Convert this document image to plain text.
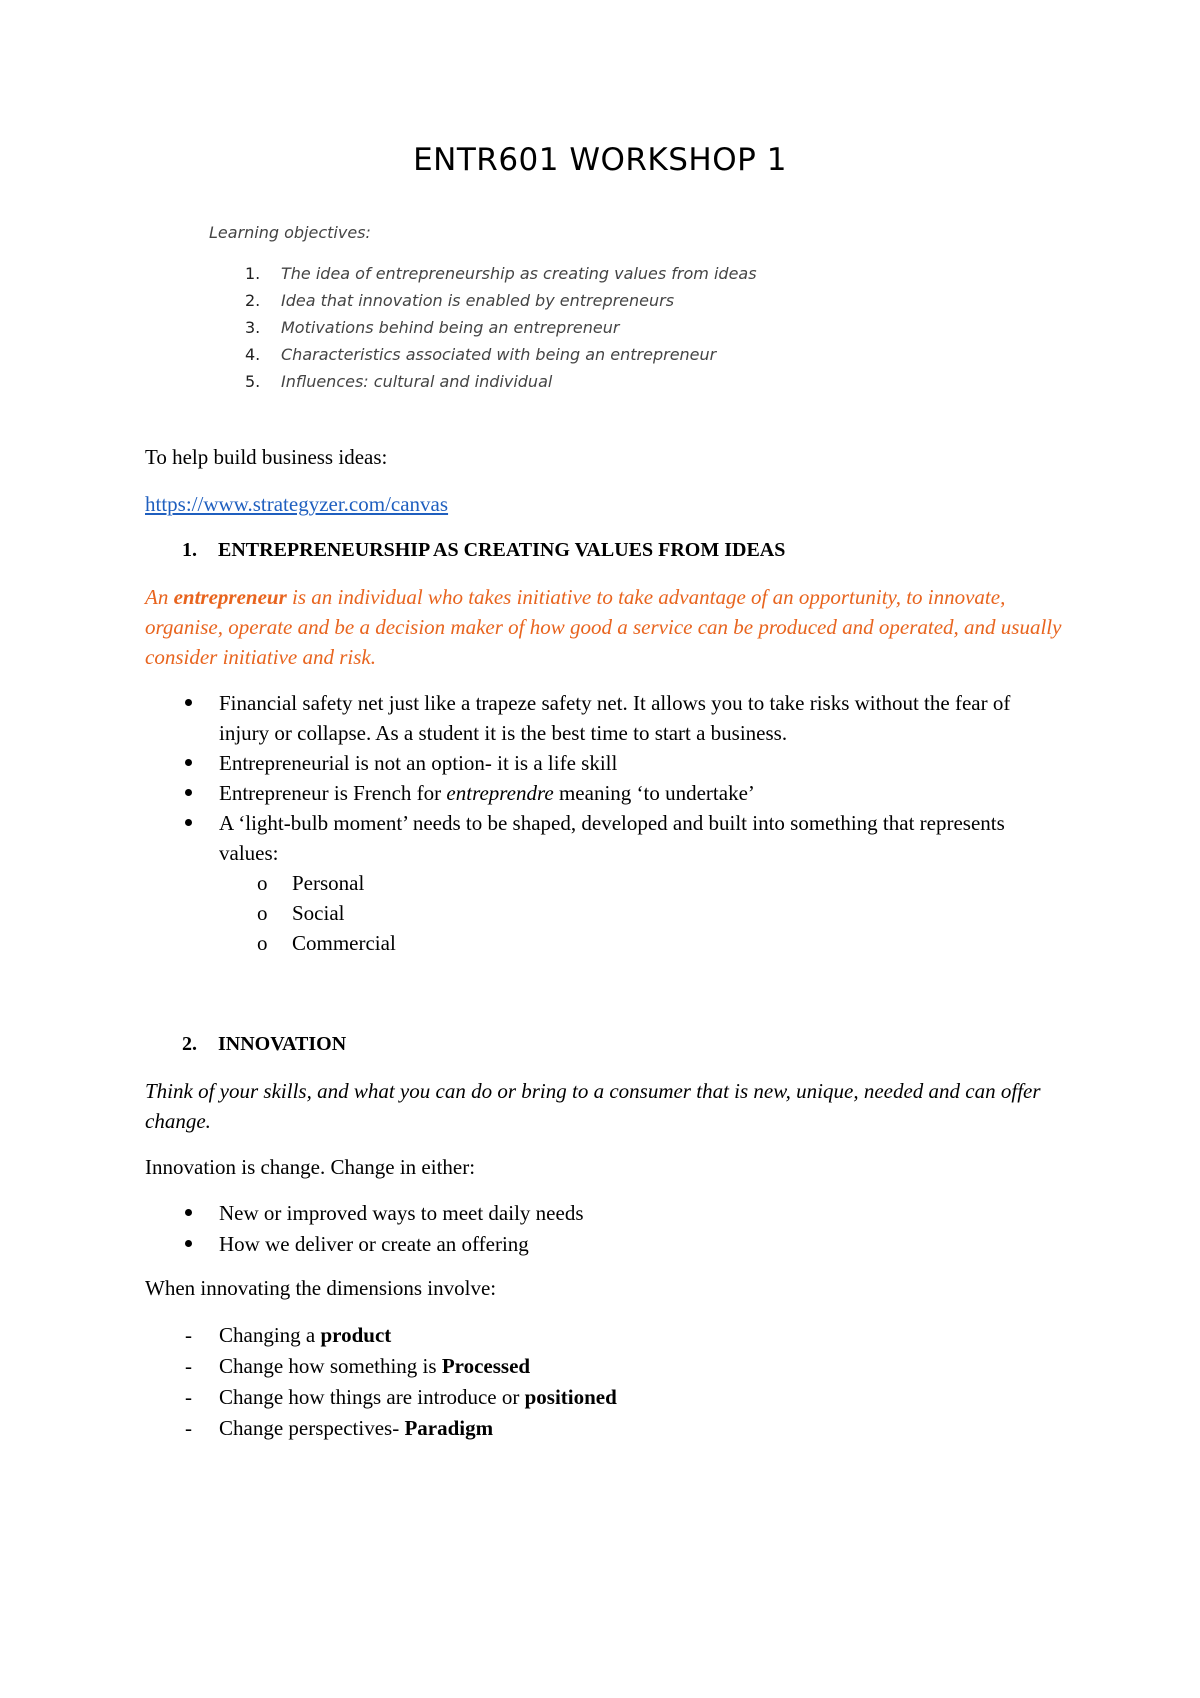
ENTR601 WORKSHOP 1
Learning objectives:
1. The idea of entrepreneurship as creating values from ideas
2. Idea that innovation is enabled by entrepreneurs
3. Motivations behind being an entrepreneur
4. Characteristics associated with being an entrepreneur
5. Influences: cultural and individual
To help build business ideas:
https://www.strategyzer.com/canvas
1. ENTREPRENEURSHIP AS CREATING VALUES FROM IDEAS
An entrepreneur is an individual who takes initiative to take advantage of an opportunity, to innovate, organise, operate and be a decision maker of how good a service can be produced and operated, and usually consider initiative and risk.
Financial safety net just like a trapeze safety net. It allows you to take risks without the fear of injury or collapse. As a student it is the best time to start a business.
Entrepreneurial is not an option- it is a life skill
Entrepreneur is French for entreprendre meaning ‘to undertake’
A ‘light-bulb moment’ needs to be shaped, developed and built into something that represents values:
o Personal
o Social
o Commercial
2. INNOVATION
Think of your skills, and what you can do or bring to a consumer that is new, unique, needed and can offer change.
Innovation is change. Change in either:
New or improved ways to meet daily needs
How we deliver or create an offering
When innovating the dimensions involve:
- Changing a product
- Change how something is Processed
- Change how things are introduce or positioned
- Change perspectives- Paradigm
